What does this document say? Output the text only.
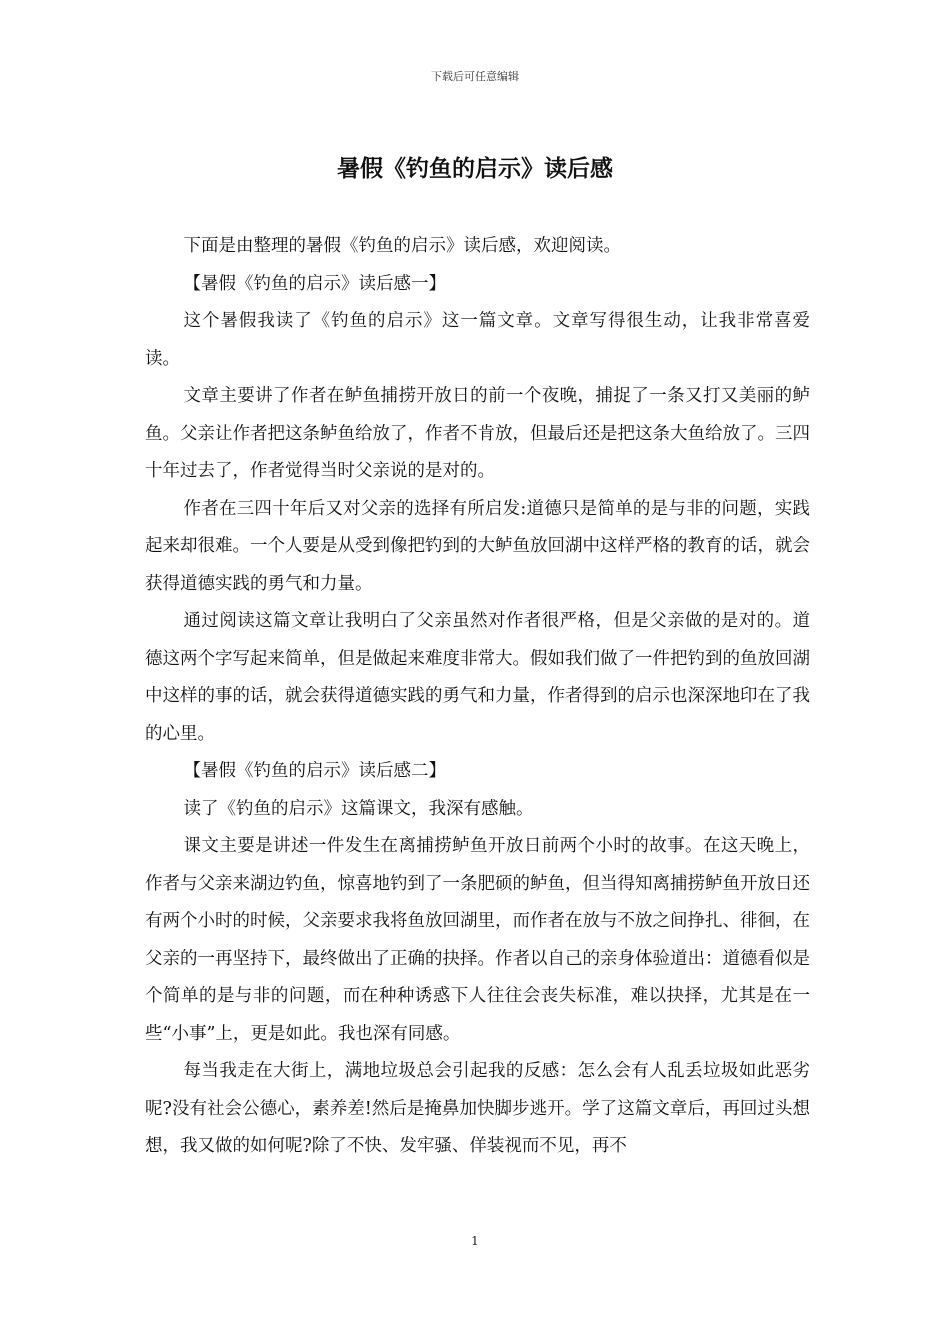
下载后可任意编辑
暑假《钓鱼的启示》读后感

下面是由整理的暑假《钓鱼的启示》读后感，欢迎阅读。

【暑假《钓鱼的启示》读后感一】

这个暑假我读了《钓鱼的启示》这一篇文章。文章写得很生动，让我非常喜爱读。

文章主要讲了作者在鲈鱼捕捞开放日的前一个夜晚，捕捉了一条又打又美丽的鲈鱼。父亲让作者把这条鲈鱼给放了，作者不肯放，但最后还是把这条大鱼给放了。三四十年过去了，作者觉得当时父亲说的是对的。

作者在三四十年后又对父亲的选择有所启发:道德只是简单的是与非的问题，实践起来却很难。一个人要是从受到像把钓到的大鲈鱼放回湖中这样严格的教育的话，就会获得道德实践的勇气和力量。

通过阅读这篇文章让我明白了父亲虽然对作者很严格，但是父亲做的是对的。道德这两个字写起来简单，但是做起来难度非常大。假如我们做了一件把钓到的鱼放回湖中这样的事的话，就会获得道德实践的勇气和力量，作者得到的启示也深深地印在了我的心里。

【暑假《钓鱼的启示》读后感二】

读了《钓鱼的启示》这篇课文，我深有感触。

课文主要是讲述一件发生在离捕捞鲈鱼开放日前两个小时的故事。在这天晚上，作者与父亲来湖边钓鱼，惊喜地钓到了一条肥硕的鲈鱼，但当得知离捕捞鲈鱼开放日还有两个小时的时候，父亲要求我将鱼放回湖里，而作者在放与不放之间挣扎、徘徊，在父亲的一再坚持下，最终做出了正确的抉择。作者以自己的亲身体验道出：道德看似是个简单的是与非的问题，而在种种诱惑下人往往会丧失标准，难以抉择，尤其是在一些“小事”上，更是如此。我也深有同感。

每当我走在大街上，满地垃圾总会引起我的反感：怎么会有人乱丢垃圾如此恶劣呢?没有社会公德心，素养差!然后是掩鼻加快脚步逃开。学了这篇文章后，再回过头想想，我又做的如何呢?除了不快、发牢骚、佯装视而不见，再不

1
